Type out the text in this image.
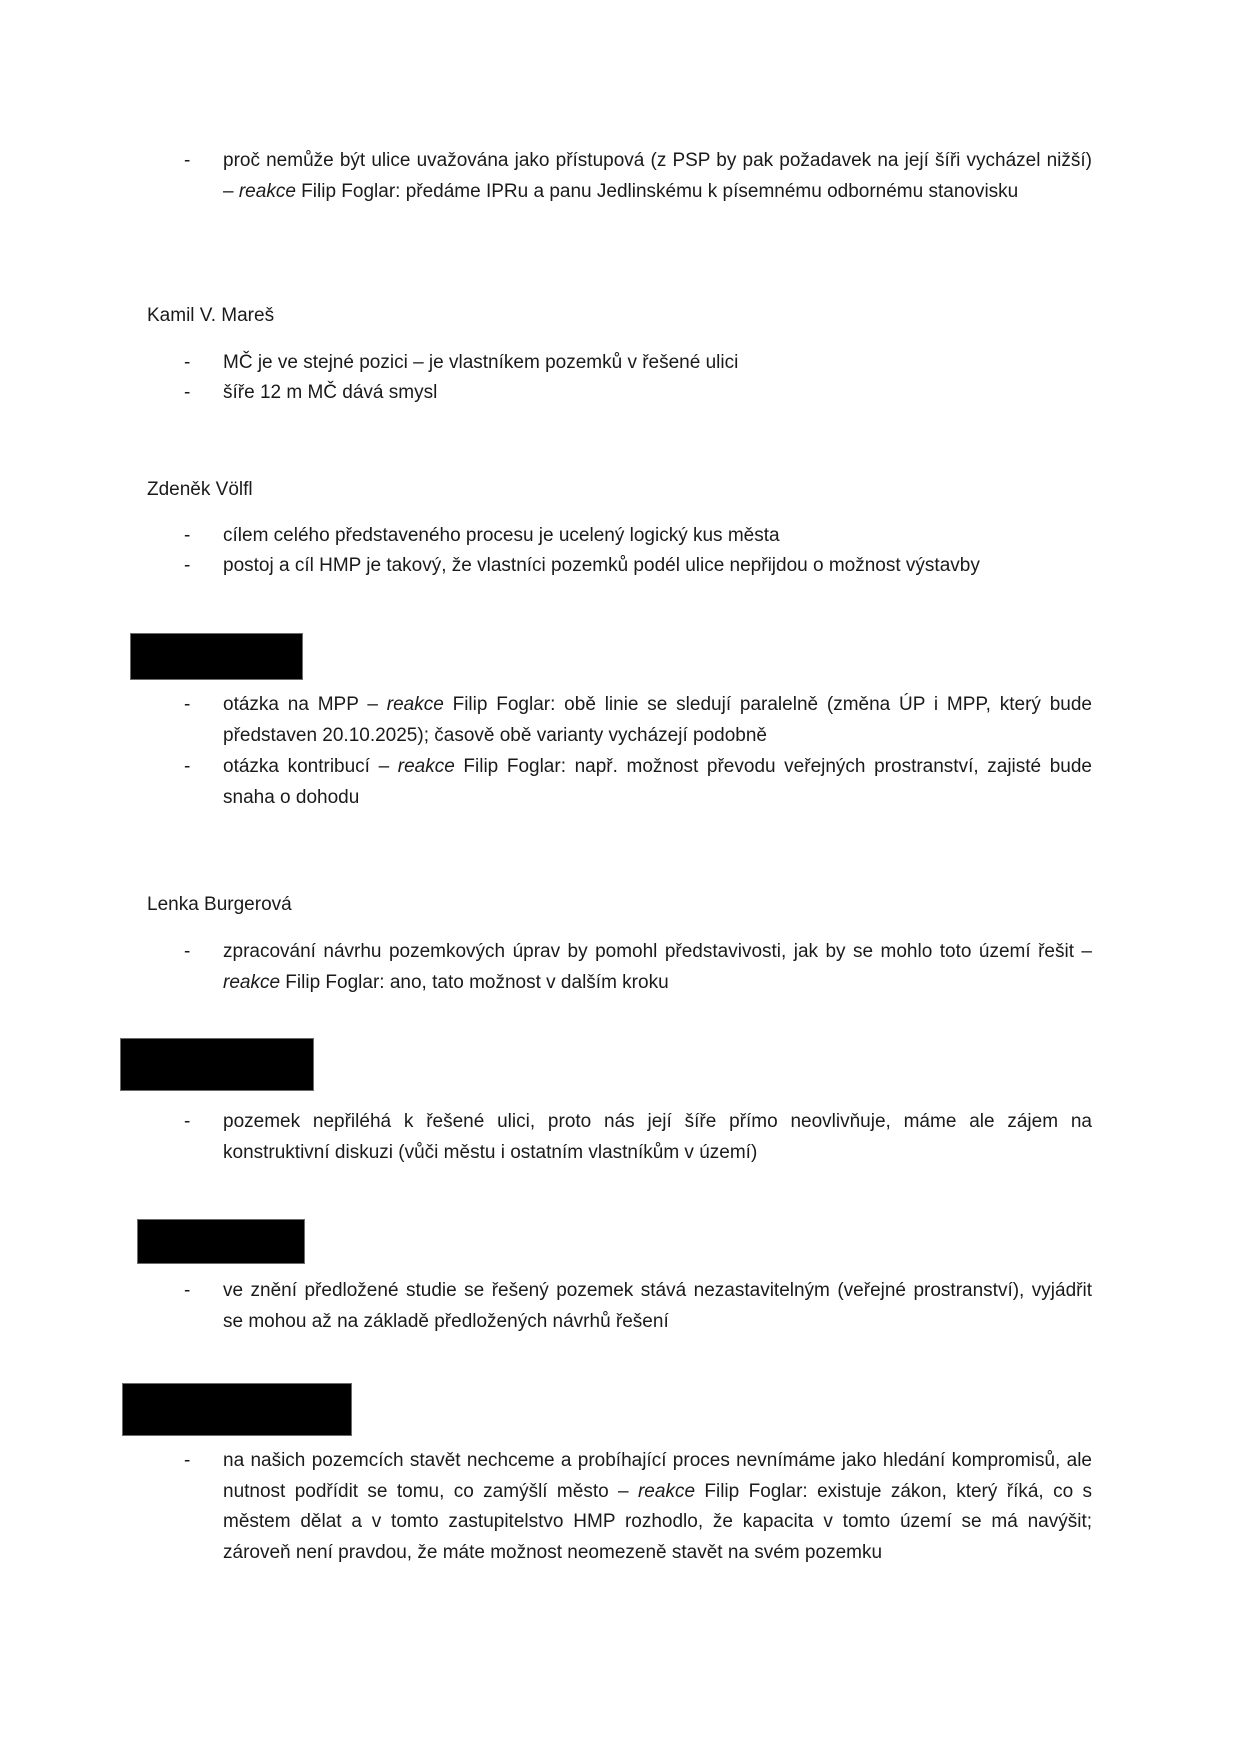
-	proč nemůže být ulice uvažována jako přístupová (z PSP by pak požadavek na její šíři vycházel nižší) – reakce Filip Foglar: předáme IPRu a panu Jedlinskému k písemnému odbornému stanovisku
Kamil V. Mareš
-	MČ je ve stejné pozici – je vlastníkem pozemků v řešené ulici
-	šíře 12 m MČ dává smysl
Zdeněk Völfl
-	cílem celého představeného procesu je ucelený logický kus města
-	postoj a cíl HMP je takový, že vlastníci pozemků podél ulice nepřijdou o možnost výstavby
-	otázka na MPP – reakce Filip Foglar: obě linie se sledují paralelně (změna ÚP i MPP, který bude představen 20.10.2025); časově obě varianty vycházejí podobně
-	otázka kontribucí – reakce Filip Foglar: např. možnost převodu veřejných prostranství, zajisté bude snaha o dohodu
Lenka Burgerová
-	zpracování návrhu pozemkových úprav by pomohl představivosti, jak by se mohlo toto území řešit – reakce Filip Foglar: ano, tato možnost v dalším kroku
-	pozemek nepřiléhá k řešené ulici, proto nás její šíře přímo neovlivňuje, máme ale zájem na konstruktivní diskuzi (vůči městu i ostatním vlastníkům v území)
-	ve znění předložené studie se řešený pozemek stává nezastavitelným (veřejné prostranství), vyjádřit se mohou až na základě předložených návrhů řešení
-	na našich pozemcích stavět nechceme a probíhající proces nevnímáme jako hledání kompromisů, ale nutnost podřídit se tomu, co zamýšlí město – reakce Filip Foglar: existuje zákon, který říká, co s městem dělat a v tomto zastupitelstvo HMP rozhodlo, že kapacita v tomto území se má navýšit; zároveň není pravdou, že máte možnost neomezeně stavět na svém pozemku
